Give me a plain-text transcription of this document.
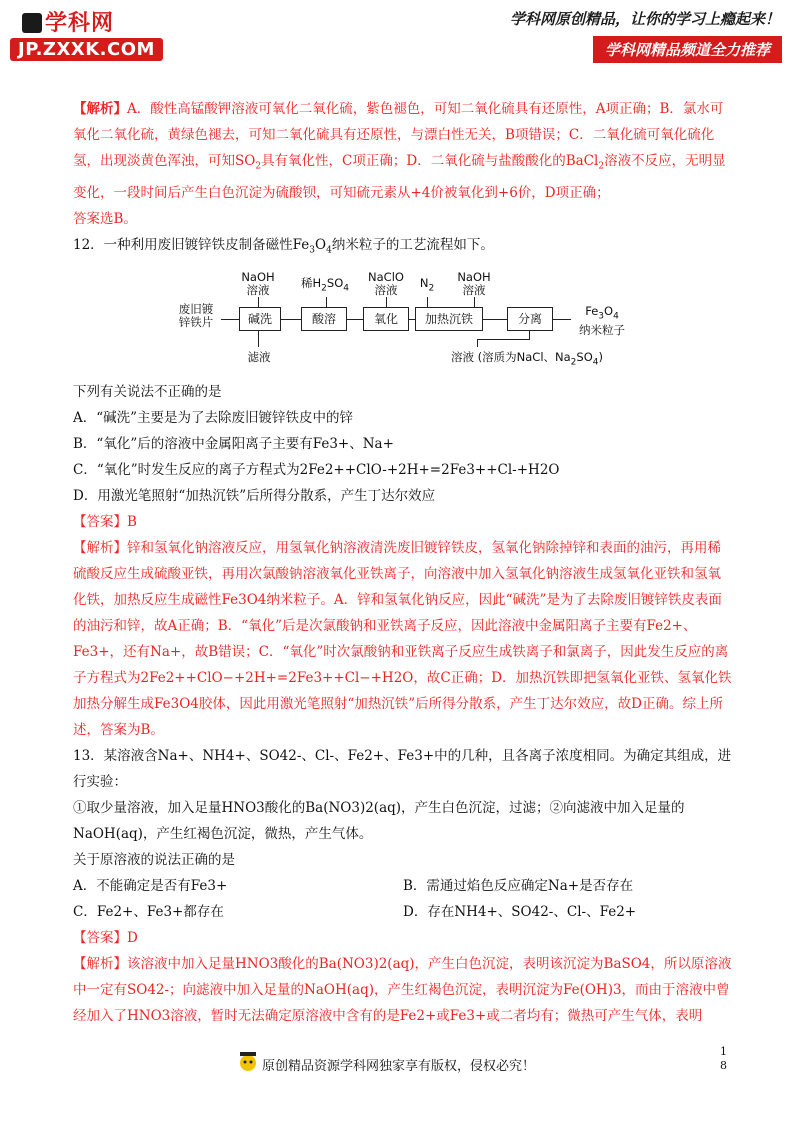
学科网
JP.ZXXK.COM
学科网原创精品，让你的学习上瘾起来！
学科网精品频道全力推荐

【解析】A．酸性高锰酸钾溶液可氧化二氧化硫，紫色褪色，可知二氧化硫具有还原性，A项正确；B．氯水可氧化二氧化硫，黄绿色褪去，可知二氧化硫具有还原性，与漂白性无关，B项错误；C．二氧化硫可氧化硫化氢，出现淡黄色浑浊，可知$SO_2$具有氧化性，C项正确；D．二氧化硫与盐酸酸化的BaCl$_2$溶液不反应，无明显变化，一段时间后产生白色沉淀为硫酸钡，可知硫元素从+4价被氧化到+6价，D项正确；

答案选B。

12．一种利用废旧镀锌铁皮制备磁性$Fe_3O_4$纳米粒子的工艺流程如下。

NaOH
溶液	稀$H_2SO_4$
NaClO
溶液	$N_2$
NaOH
溶液
废旧镀
锌铁片	碱洗	酸溶	氧化	加热沉铁	分离
$Fe_3O_4$
纳米粒子
滤液	溶液 (溶质为NaCl、$Na_2SO_4$)

下列有关说法不正确的是

A．“碱洗”主要是为了去除废旧镀锌铁皮中的锌

B．“氧化”后的溶液中金属阳离子主要有Fe3+、Na+

C．“氧化”时发生反应的离子方程式为2Fe2++ClO-+2H+=2Fe3++Cl-+H2O

D．用激光笔照射“加热沉铁”后所得分散系，产生丁达尔效应

【答案】B

【解析】锌和氢氧化钠溶液反应，用氢氧化钠溶液清洗废旧镀锌铁皮，氢氧化钠除掉锌和表面的油污，再用稀硫酸反应生成硫酸亚铁，再用次氯酸钠溶液氧化亚铁离子，向溶液中加入氢氧化钠溶液生成氢氧化亚铁和氢氧化铁，加热反应生成磁性Fe3O4纳米粒子。A．锌和氢氧化钠反应，因此“碱洗”是为了去除废旧镀锌铁皮表面的油污和锌，故A正确；B．“氧化”后是次氯酸钠和亚铁离子反应，因此溶液中金属阳离子主要有Fe2+、Fe3+，还有Na+，故B错误；C．“氧化”时次氯酸钠和亚铁离子反应生成铁离子和氯离子，因此发生反应的离子方程式为2Fe2++ClO−+2H+=2Fe3++Cl−+H2O，故C正确；D．加热沉铁即把氢氧化亚铁、氢氧化铁加热分解生成Fe3O4胶体，因此用激光笔照射“加热沉铁”后所得分散系，产生丁达尔效应，故D正确。综上所述，答案为B。

13．某溶液含Na+、NH4+、SO42-、Cl-、Fe2+、Fe3+中的几种，且各离子浓度相同。为确定其组成，进行实验：

①取少量溶液，加入足量HNO3酸化的Ba(NO3)2(aq)，产生白色沉淀，过滤；②向滤液中加入足量的NaOH(aq)，产生红褐色沉淀，微热，产生气体。

关于原溶液的说法正确的是

A．不能确定是否有Fe3+	B．需通过焰色反应确定Na+是否存在
C．Fe2+、Fe3+都存在	D．存在NH4+、SO42-、Cl-、Fe2+

【答案】D

【解析】该溶液中加入足量HNO3酸化的Ba(NO3)2(aq)，产生白色沉淀，表明该沉淀为BaSO4，所以原溶液中一定有SO42-；向滤液中加入足量的NaOH(aq)，产生红褐色沉淀，表明沉淀为Fe(OH)3，而由于溶液中曾经加入了HNO3溶液，暂时无法确定原溶液中含有的是Fe2+或Fe3+或二者均有；微热可产生气体，表明

原创精品资源学科网独家享有版权，侵权必究！
1
8
